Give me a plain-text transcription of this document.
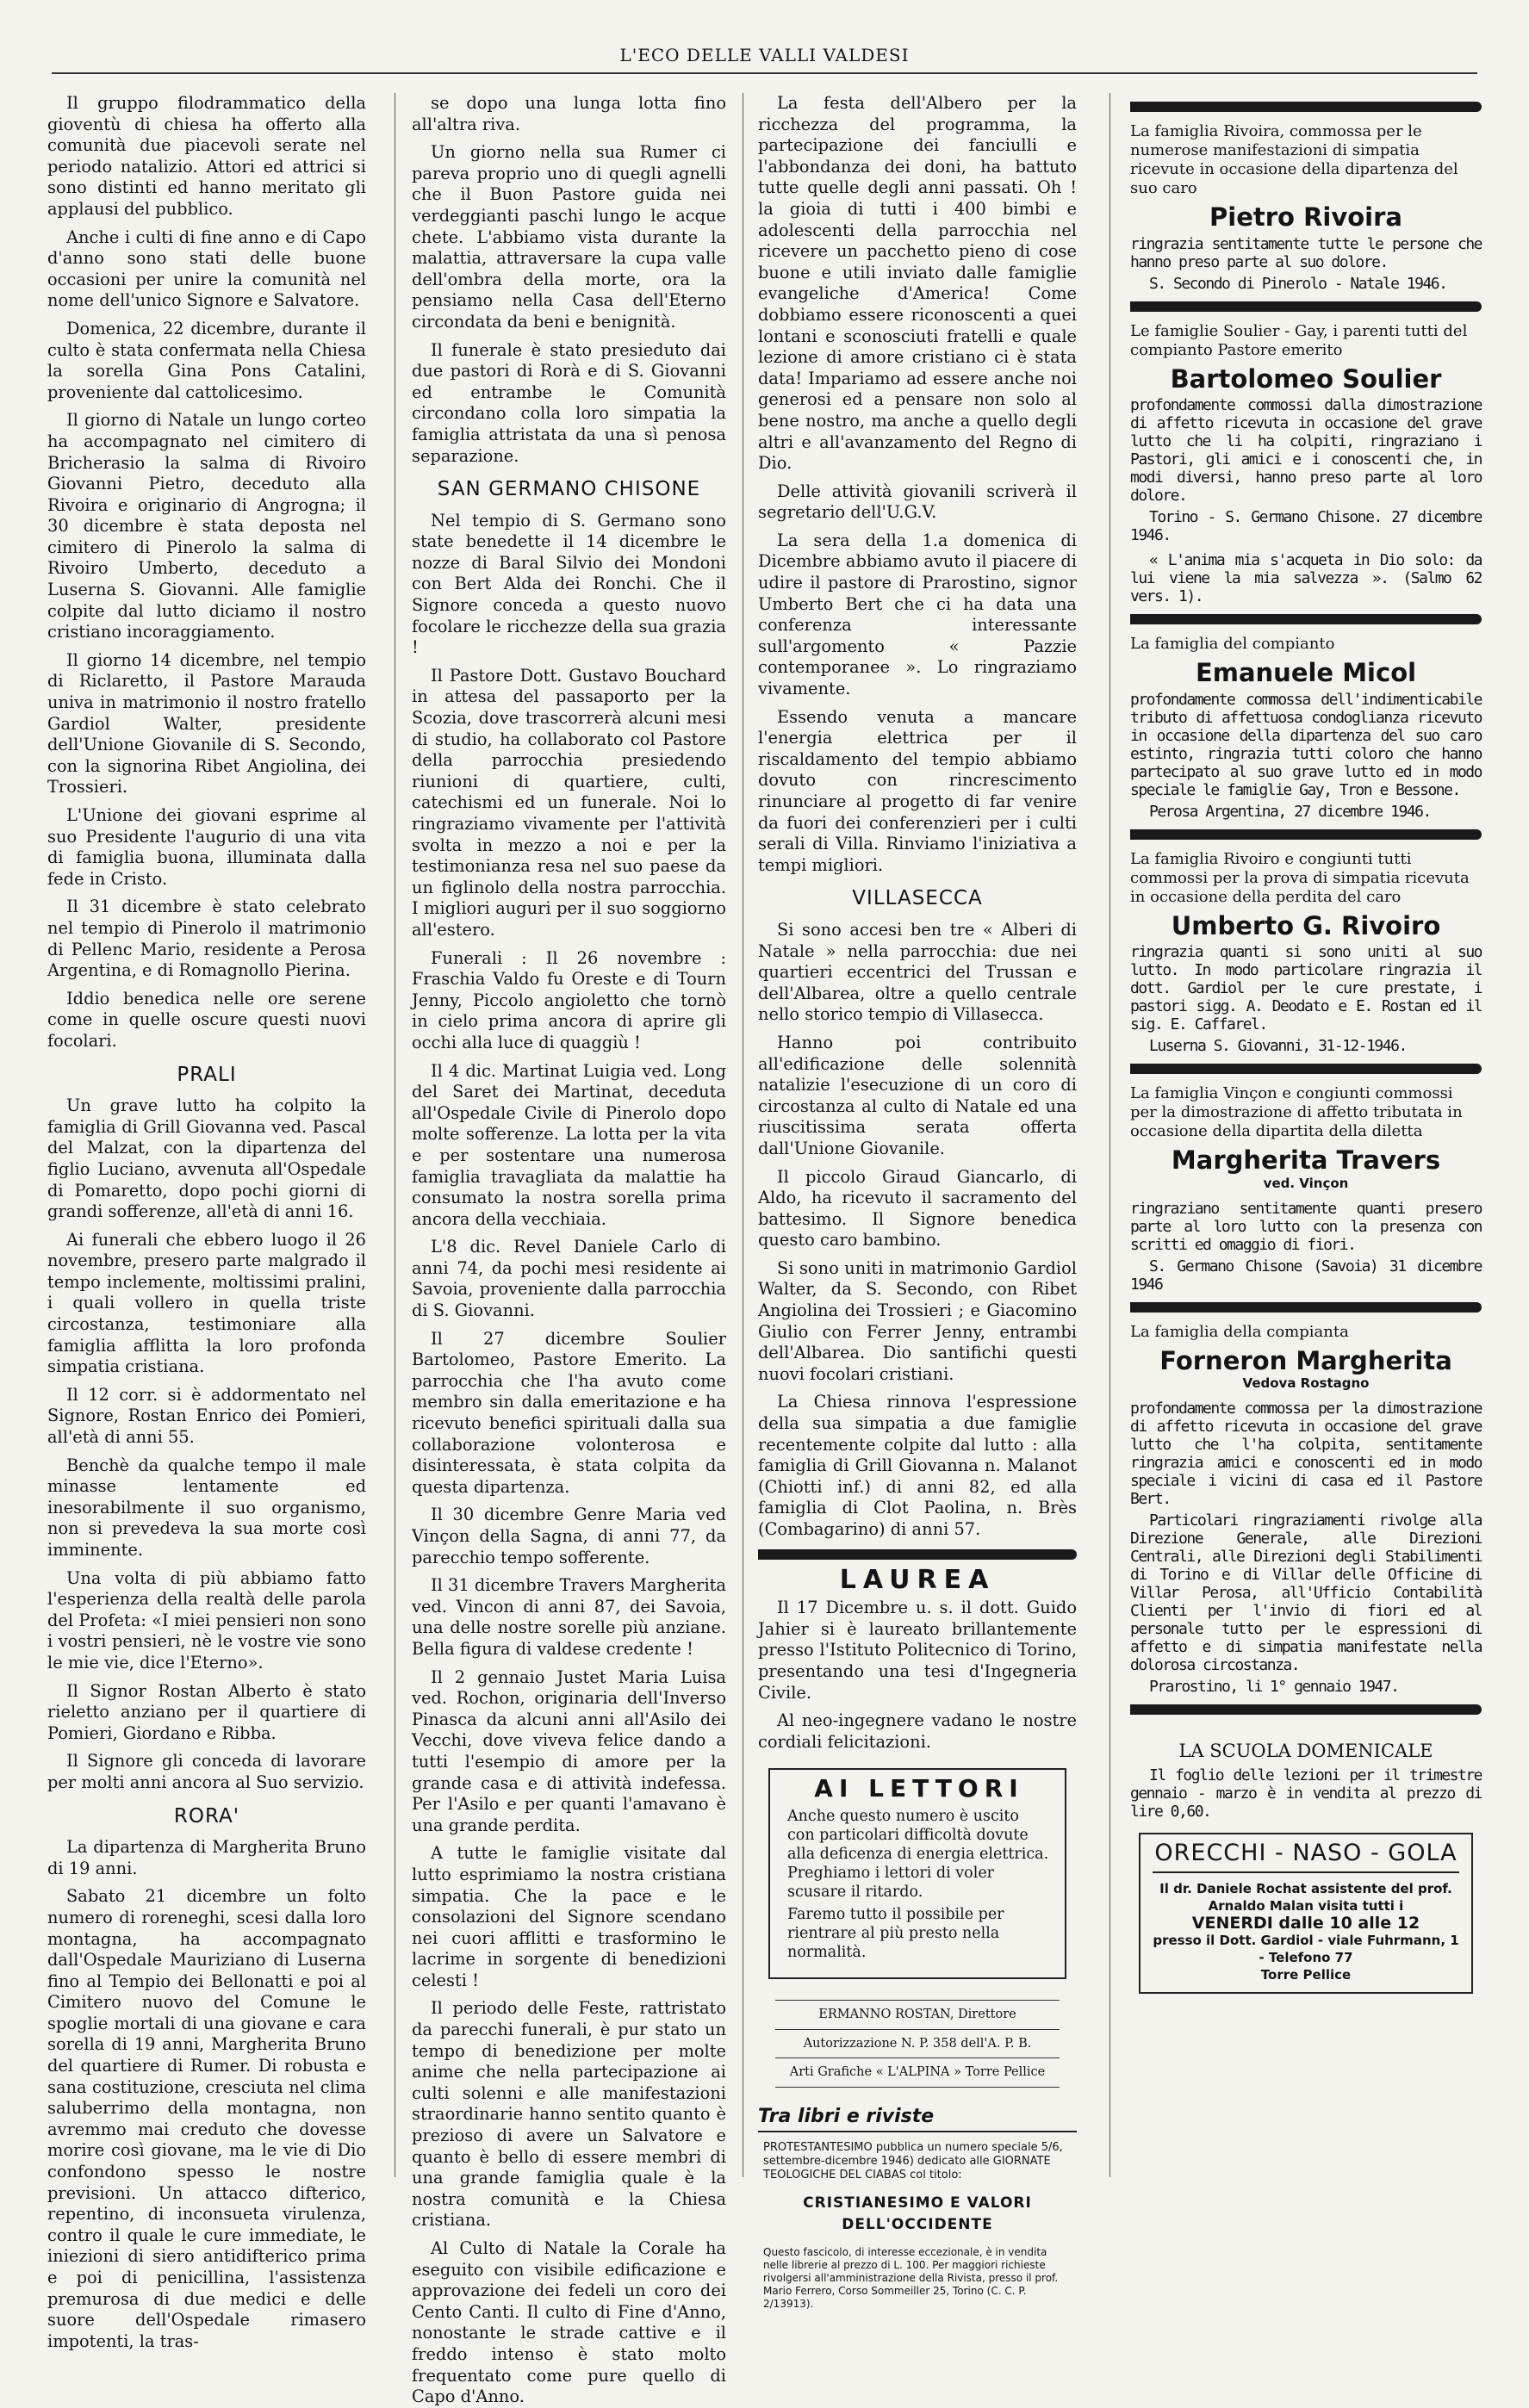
L'ECO DELLE VALLI VALDESI

Il gruppo filodrammatico della gioventù di chiesa ha offerto alla comunità due piacevoli serate nel periodo natalizio. Attori ed attrici si sono distinti ed hanno meritato gli applausi del pubblico.

Anche i culti di fine anno e di Capo d'anno sono stati delle buone occasioni per unire la comunità nel nome dell'unico Signore e Salvatore.

Domenica, 22 dicembre, durante il culto è stata confermata nella Chiesa la sorella Gina Pons Catalini, proveniente dal cattolicesimo.

Il giorno di Natale un lungo corteo ha accompagnato nel cimitero di Bricherasio la salma di Rivoiro Giovanni Pietro, deceduto alla Rivoira e originario di Angrogna; il 30 dicembre è stata deposta nel cimitero di Pinerolo la salma di Rivoiro Umberto, deceduto a Luserna S. Giovanni. Alle famiglie colpite dal lutto diciamo il nostro cristiano incoraggiamento.

Il giorno 14 dicembre, nel tempio di Riclaretto, il Pastore Marauda univa in matrimonio il nostro fratello Gardiol Walter, presidente dell'Unione Giovanile di S. Secondo, con la signorina Ribet Angiolina, dei Trossieri.

L'Unione dei giovani esprime al suo Presidente l'augurio di una vita di famiglia buona, illuminata dalla fede in Cristo.

Il 31 dicembre è stato celebrato nel tempio di Pinerolo il matrimonio di Pellenc Mario, residente a Perosa Argentina, e di Romagnollo Pierina.

Iddio benedica nelle ore serene come in quelle oscure questi nuovi focolari.

PRALI

Un grave lutto ha colpito la famiglia di Grill Giovanna ved. Pascal del Malzat, con la dipartenza del figlio Luciano, avvenuta all'Ospedale di Pomaretto, dopo pochi giorni di grandi sofferenze, all'età di anni 16.

Ai funerali che ebbero luogo il 26 novembre, presero parte malgrado il tempo inclemente, moltissimi pralini, i quali vollero in quella triste circostanza, testimoniare alla famiglia afflitta la loro profonda simpatia cristiana.

Il 12 corr. si è addormentato nel Signore, Rostan Enrico dei Pomieri, all'età di anni 55.

Benchè da qualche tempo il male minasse lentamente ed inesorabilmente il suo organismo, non si prevedeva la sua morte così imminente.

Una volta di più abbiamo fatto l'esperienza della realtà delle parola del Profeta: «I miei pensieri non sono i vostri pensieri, nè le vostre vie sono le mie vie, dice l'Eterno».

Il Signor Rostan Alberto è stato rieletto anziano per il quartiere di Pomieri, Giordano e Ribba.

Il Signore gli conceda di lavorare per molti anni ancora al Suo servizio.

RORA'

La dipartenza di Margherita Bruno di 19 anni.

Sabato 21 dicembre un folto numero di roreneghi, scesi dalla loro montagna, ha accompagnato dall'Ospedale Mauriziano di Luserna fino al Tempio dei Bellonatti e poi al Cimitero nuovo del Comune le spoglie mortali di una giovane e cara sorella di 19 anni, Margherita Bruno del quartiere di Rumer. Di robusta e sana costituzione, cresciuta nel clima saluberrimo della montagna, non avremmo mai creduto che dovesse morire così giovane, ma le vie di Dio confondono spesso le nostre previsioni. Un attacco difterico, repentino, di inconsueta virulenza, contro il quale le cure immediate, le iniezioni di siero antidifterico prima e poi di penicillina, l'assistenza premurosa di due medici e delle suore dell'Ospedale rimasero impotenti, la tras-

se dopo una lunga lotta fino all'altra riva.

Un giorno nella sua Rumer ci pareva proprio uno di quegli agnelli che il Buon Pastore guida nei verdeggianti paschi lungo le acque chete. L'abbiamo vista durante la malattia, attraversare la cupa valle dell'ombra della morte, ora la pensiamo nella Casa dell'Eterno circondata da beni e benignità.

Il funerale è stato presieduto dai due pastori di Rorà e di S. Giovanni ed entrambe le Comunità circondano colla loro simpatia la famiglia attristata da una sì penosa separazione.

SAN GERMANO CHISONE

Nel tempio di S. Germano sono state benedette il 14 dicembre le nozze di Baral Silvio dei Mondoni con Bert Alda dei Ronchi. Che il Signore conceda a questo nuovo focolare le ricchezze della sua grazia !

Il Pastore Dott. Gustavo Bouchard in attesa del passaporto per la Scozia, dove trascorrerà alcuni mesi di studio, ha collaborato col Pastore della parrocchia presiedendo riunioni di quartiere, culti, catechismi ed un funerale. Noi lo ringraziamo vivamente per l'attività svolta in mezzo a noi e per la testimonianza resa nel suo paese da un figlinolo della nostra parrocchia. I migliori auguri per il suo soggiorno all'estero.

Funerali : Il 26 novembre : Fraschia Valdo fu Oreste e di Tourn Jenny, Piccolo angioletto che tornò in cielo prima ancora di aprire gli occhi alla luce di quaggiù !

Il 4 dic. Martinat Luigia ved. Long del Saret dei Martinat, deceduta all'Ospedale Civile di Pinerolo dopo molte sofferenze. La lotta per la vita e per sostentare una numerosa famiglia travagliata da malattie ha consumato la nostra sorella prima ancora della vecchiaia.

L'8 dic. Revel Daniele Carlo di anni 74, da pochi mesi residente ai Savoia, proveniente dalla parrocchia di S. Giovanni.

Il 27 dicembre Soulier Bartolomeo, Pastore Emerito. La parrocchia che l'ha avuto come membro sin dalla emeritazione e ha ricevuto benefici spirituali dalla sua collaborazione volonterosa e disinteressata, è stata colpita da questa dipartenza.

Il 30 dicembre Genre Maria ved Vinçon della Sagna, di anni 77, da parecchio tempo sofferente.

Il 31 dicembre Travers Margherita ved. Vincon di anni 87, dei Savoia, una delle nostre sorelle più anziane. Bella figura di valdese credente !

Il 2 gennaio Justet Maria Luisa ved. Rochon, originaria dell'Inverso Pinasca da alcuni anni all'Asilo dei Vecchi, dove viveva felice dando a tutti l'esempio di amore per la grande casa e di attività indefessa. Per l'Asilo e per quanti l'amavano è una grande perdita.

A tutte le famiglie visitate dal lutto esprimiamo la nostra cristiana simpatia. Che la pace e le consolazioni del Signore scendano nei cuori afflitti e trasformino le lacrime in sorgente di benedizioni celesti !

Il periodo delle Feste, rattristato da parecchi funerali, è pur stato un tempo di benedizione per molte anime che nella partecipazione ai culti solenni e alle manifestazioni straordinarie hanno sentito quanto è prezioso di avere un Salvatore e quanto è bello di essere membri di una grande famiglia quale è la nostra comunità e la Chiesa cristiana.

Al Culto di Natale la Corale ha eseguito con visibile edificazione e approvazione dei fedeli un coro dei Cento Canti. Il culto di Fine d'Anno, nonostante le strade cattive e il freddo intenso è stato molto frequentato come pure quello di Capo d'Anno.

La festa dell'Albero per la ricchezza del programma, la partecipazione dei fanciulli e l'abbondanza dei doni, ha battuto tutte quelle degli anni passati. Oh ! la gioia di tutti i 400 bimbi e adolescenti della parrocchia nel ricevere un pacchetto pieno di cose buone e utili inviato dalle famiglie evangeliche d'America! Come dobbiamo essere riconoscenti a quei lontani e sconosciuti fratelli e quale lezione di amore cristiano ci è stata data! Impariamo ad essere anche noi generosi ed a pensare non solo al bene nostro, ma anche a quello degli altri e all'avanzamento del Regno di Dio.

Delle attività giovanili scriverà il segretario dell'U.G.V.

La sera della 1.a domenica di Dicembre abbiamo avuto il piacere di udire il pastore di Prarostino, signor Umberto Bert che ci ha data una conferenza interessante sull'argomento « Pazzie contemporanee ». Lo ringraziamo vivamente.

Essendo venuta a mancare l'energia elettrica per il riscaldamento del tempio abbiamo dovuto con rincrescimento rinunciare al progetto di far venire da fuori dei conferenzieri per i culti serali di Villa. Rinviamo l'iniziativa a tempi migliori.

VILLASECCA

Si sono accesi ben tre « Alberi di Natale » nella parrocchia: due nei quartieri eccentrici del Trussan e dell'Albarea, oltre a quello centrale nello storico tempio di Villasecca.

Hanno poi contribuito all'edificazione delle solennità natalizie l'esecuzione di un coro di circostanza al culto di Natale ed una riuscitissima serata offerta dall'Unione Giovanile.

Il piccolo Giraud Giancarlo, di Aldo, ha ricevuto il sacramento del battesimo. Il Signore benedica questo caro bambino.

Si sono uniti in matrimonio Gardiol Walter, da S. Secondo, con Ribet Angiolina dei Trossieri ; e Giacomino Giulio con Ferrer Jenny, entrambi dell'Albarea. Dio santifichi questi nuovi focolari cristiani.

La Chiesa rinnova l'espressione della sua simpatia a due famiglie recentemente colpite dal lutto : alla famiglia di Grill Giovanna n. Malanot (Chiotti inf.) di anni 82, ed alla famiglia di Clot Paolina, n. Brès (Combagarino) di anni 57.

LAUREA

Il 17 Dicembre u. s. il dott. Guido Jahier si è laureato brillantemente presso l'Istituto Politecnico di Torino, presentando una tesi d'Ingegneria Civile.

Al neo-ingegnere vadano le nostre cordiali felicitazioni.

AI LETTORI

Anche questo numero è uscito con particolari difficoltà dovute alla deficenza di energia elettrica. Preghiamo i lettori di voler scusare il ritardo.

Faremo tutto il possibile per rientrare al più presto nella normalità.

ERMANNO ROSTAN, Direttore
Autorizzazione N. P. 358 dell'A. P. B.
Arti Grafiche « L'ALPINA » Torre Pellice
Tra libri e riviste
PROTESTANTESIMO pubblica un numero speciale 5/6, settembre-dicembre 1946) dedicato alle GIORNATE TEOLOGICHE DEL CIABAS col titolo:
CRISTIANESIMO E VALORI DELL'OCCIDENTE
Questo fascicolo, di interesse eccezionale, è in vendita nelle librerie al prezzo di L. 100. Per maggiori richieste rivolgersi all'amministrazione della Rivista, presso il prof. Mario Ferrero, Corso Sommeiller 25, Torino (C. C. P. 2/13913).

La famiglia Rivoira, commossa per le numerose manifestazioni di simpatia ricevute in occasione della dipartenza del suo caro

Pietro Rivoira

ringrazia sentitamente tutte le persone che hanno preso parte al suo dolore.

S. Secondo di Pinerolo - Natale 1946.

Le famiglie Soulier - Gay, i parenti tutti del compianto Pastore emerito

Bartolomeo Soulier

profondamente commossi dalla dimostrazione di affetto ricevuta in occasione del grave lutto che li ha colpiti, ringraziano i Pastori, gli amici e i conoscenti che, in modi diversi, hanno preso parte al loro dolore.

Torino - S. Germano Chisone. 27 dicembre 1946.

« L'anima mia s'acqueta in Dio solo: da lui viene la mia salvezza ». (Salmo 62 vers. 1).

La famiglia del compianto

Emanuele Micol

profondamente commossa dell'indimenticabile tributo di affettuosa condoglianza ricevuto in occasione della dipartenza del suo caro estinto, ringrazia tutti coloro che hanno partecipato al suo grave lutto ed in modo speciale le famiglie Gay, Tron e Bessone.

Perosa Argentina, 27 dicembre 1946.

La famiglia Rivoiro e congiunti tutti commossi per la prova di simpatia ricevuta in occasione della perdita del caro

Umberto G. Rivoiro

ringrazia quanti si sono uniti al suo lutto. In modo particolare ringrazia il dott. Gardiol per le cure prestate, i pastori sigg. A. Deodato e E. Rostan ed il sig. E. Caffarel.

Luserna S. Giovanni, 31-12-1946.

La famiglia Vinçon e congiunti commossi per la dimostrazione di affetto tributata in occasione della dipartita della diletta

Margherita Travers
ved. Vinçon

ringraziano sentitamente quanti presero parte al loro lutto con la presenza con scritti ed omaggio di fiori.

S. Germano Chisone (Savoia) 31 dicembre 1946

La famiglia della compianta

Forneron Margherita
Vedova Rostagno

profondamente commossa per la dimostrazione di affetto ricevuta in occasione del grave lutto che l'ha colpita, sentitamente ringrazia amici e conoscenti ed in modo speciale i vicini di casa ed il Pastore Bert.

Particolari ringraziamenti rivolge alla Direzione Generale, alle Direzioni Centrali, alle Direzioni degli Stabilimenti di Torino e di Villar delle Officine di Villar Perosa, all'Ufficio Contabilità Clienti per l'invio di fiori ed al personale tutto per le espressioni di affetto e di simpatia manifestate nella dolorosa circostanza.

Prarostino, li 1° gennaio 1947.

LA SCUOLA DOMENICALE

Il foglio delle lezioni per il trimestre gennaio - marzo è in vendita al prezzo di lire 0,60.

ORECCHI - NASO - GOLA
Il dr. Daniele Rochat assistente del prof. Arnaldo Malan visita tutti i
VENERDI dalle 10 alle 12
presso il Dott. Gardiol - viale Fuhrmann, 1 - Telefono 77
Torre Pellice
